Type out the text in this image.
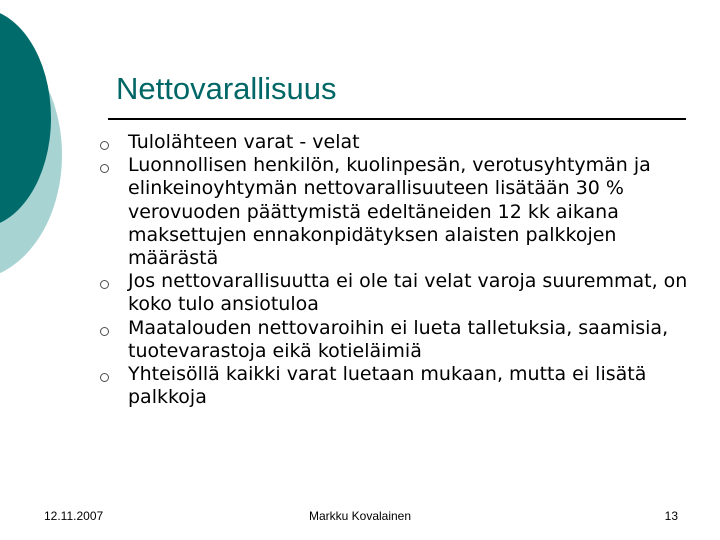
Nettovarallisuus
Tulolähteen varat - velat
Luonnollisen henkilön, kuolinpesän, verotusyhtymän ja elinkeinoyhtymän nettovarallisuuteen lisätään 30 % verovuoden päättymistä edeltäneiden 12 kk aikana maksettujen ennakonpidätyksen alaisten palkkojen määrästä
Jos nettovarallisuutta ei ole tai velat varoja suuremmat, on koko tulo ansiotuloa
Maatalouden nettovaroihin ei lueta talletuksia, saamisia, tuotevarastoja eikä kotieläimiä
Yhteisöllä kaikki varat luetaan mukaan, mutta ei lisätä palkkoja
12.11.2007	Markku Kovalainen	13
